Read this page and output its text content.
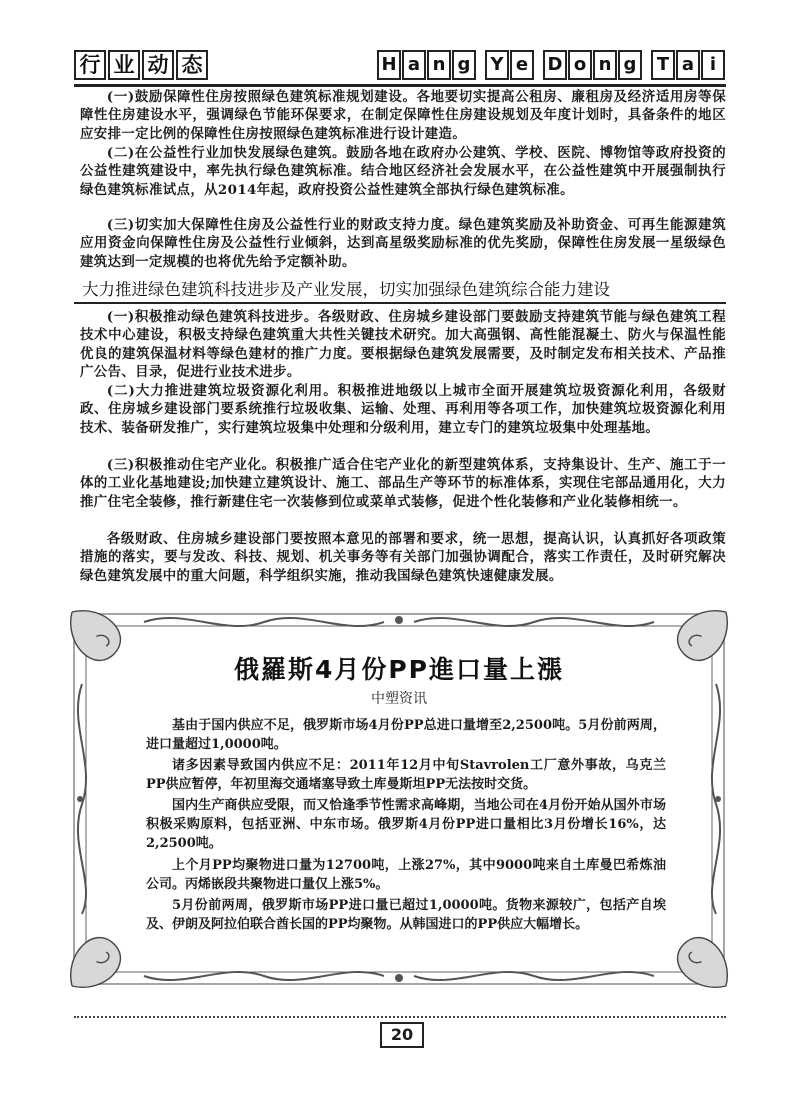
行 业 动 态	H a n g Y e D o n g T a i

(一)鼓励保障性住房按照绿色建筑标准规划建设。各地要切实提高公租房、廉租房及经济适用房等保障性住房建设水平，强调绿色节能环保要求，在制定保障性住房建设规划及年度计划时，具备条件的地区应安排一定比例的保障性住房按照绿色建筑标准进行设计建造。

(二)在公益性行业加快发展绿色建筑。鼓励各地在政府办公建筑、学校、医院、博物馆等政府投资的公益性建筑建设中，率先执行绿色建筑标准。结合地区经济社会发展水平，在公益性建筑中开展强制执行绿色建筑标准试点，从2014年起，政府投资公益性建筑全部执行绿色建筑标准。

(三)切实加大保障性住房及公益性行业的财政支持力度。绿色建筑奖励及补助资金、可再生能源建筑应用资金向保障性住房及公益性行业倾斜，达到高星级奖励标准的优先奖励，保障性住房发展一星级绿色建筑达到一定规模的也将优先给予定额补助。

大力推进绿色建筑科技进步及产业发展，切实加强绿色建筑综合能力建设

(一)积极推动绿色建筑科技进步。各级财政、住房城乡建设部门要鼓励支持建筑节能与绿色建筑工程技术中心建设，积极支持绿色建筑重大共性关键技术研究。加大高强钢、高性能混凝土、防火与保温性能优良的建筑保温材料等绿色建材的推广力度。要根据绿色建筑发展需要，及时制定发布相关技术、产品推广公告、目录，促进行业技术进步。

(二)大力推进建筑垃圾资源化利用。积极推进地级以上城市全面开展建筑垃圾资源化利用，各级财政、住房城乡建设部门要系统推行垃圾收集、运输、处理、再利用等各项工作，加快建筑垃圾资源化利用技术、装备研发推广，实行建筑垃圾集中处理和分级利用，建立专门的建筑垃圾集中处理基地。

(三)积极推动住宅产业化。积极推广适合住宅产业化的新型建筑体系，支持集设计、生产、施工于一体的工业化基地建设;加快建立建筑设计、施工、部品生产等环节的标准体系，实现住宅部品通用化，大力推广住宅全装修，推行新建住宅一次装修到位或菜单式装修，促进个性化装修和产业化装修相统一。

各级财政、住房城乡建设部门要按照本意见的部署和要求，统一思想，提高认识，认真抓好各项政策措施的落实，要与发改、科技、规划、机关事务等有关部门加强协调配合，落实工作责任，及时研究解决绿色建筑发展中的重大问题，科学组织实施，推动我国绿色建筑快速健康发展。

俄羅斯4月份PP進口量上漲
中塑资讯

基由于国内供应不足，俄罗斯市场4月份PP总进口量增至2,2500吨。5月份前两周，进口量超过1,0000吨。

诸多因素导致国内供应不足：2011年12月中旬Stavrolen工厂意外事故，乌克兰PP供应暂停，年初里海交通堵塞导致土库曼斯坦PP无法按时交货。

国内生产商供应受限，而又恰逢季节性需求高峰期，当地公司在4月份开始从国外市场积极采购原料，包括亚洲、中东市场。俄罗斯4月份PP进口量相比3月份增长16%，达2,2500吨。

上个月PP均聚物进口量为12700吨，上涨27%，其中9000吨来自土库曼巴希炼油公司。丙烯嵌段共聚物进口量仅上涨5%。

5月份前两周，俄罗斯市场PP进口量已超过1,0000吨。货物来源较广，包括产自埃及、伊朗及阿拉伯联合酋长国的PP均聚物。从韩国进口的PP供应大幅增长。

20
